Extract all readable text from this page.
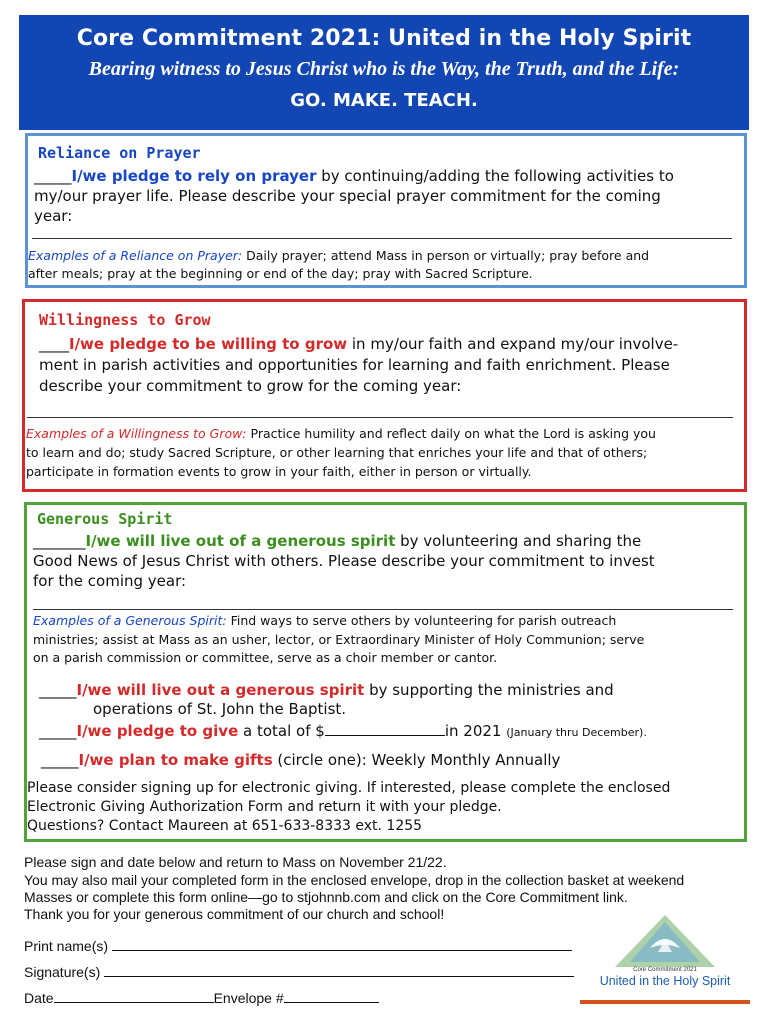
Core Commitment 2021: United in the Holy Spirit
Bearing witness to Jesus Christ who is the Way, the Truth, and the Life:
GO. MAKE. TEACH.
Reliance on Prayer
_____I/we pledge to rely on prayer by continuing/adding the following activities to
my/our prayer life. Please describe your special prayer commitment for the coming
year:
Examples of a Reliance on Prayer: Daily prayer; attend Mass in person or virtually; pray before and
after meals; pray at the beginning or end of the day; pray with Sacred Scripture.
Willingness to Grow
____I/we pledge to be willing to grow in my/our faith and expand my/our involve-
ment in parish activities and opportunities for learning and faith enrichment. Please
describe your commitment to grow for the coming year:
Examples of a Willingness to Grow: Practice humility and reflect daily on what the Lord is asking you
to learn and do; study Sacred Scripture, or other learning that enriches your life and that of others;
participate in formation events to grow in your faith, either in person or virtually.
Generous Spirit
_______I/we will live out of a generous spirit by volunteering and sharing the
Good News of Jesus Christ with others. Please describe your commitment to invest
for the coming year:
Examples of a Generous Spirit: Find ways to serve others by volunteering for parish outreach
ministries; assist at Mass as an usher, lector, or Extraordinary Minister of Holy Communion; serve
on a parish commission or committee, serve as a choir member or cantor.
_____I/we will live out a generous spirit by supporting the ministries and
operations of St. John the Baptist.
_____I/we pledge to give a total of $	in 2021 (January thru December).
_____I/we plan to make gifts (circle one): Weekly Monthly Annually
Please consider signing up for electronic giving. If interested, please complete the enclosed
Electronic Giving Authorization Form and return it with your pledge.
Questions? Contact Maureen at 651-633-8333 ext. 1255
Please sign and date below and return to Mass on November 21/22.
You may also mail your completed form in the enclosed envelope, drop in the collection basket at weekend
Masses or complete this form online—go to stjohnnb.com and click on the Core Commitment link.
Thank you for your generous commitment of our church and school!
Print name(s)
Signature(s)
Date	Envelope #
Core Commitment 2021
United in the Holy Spirit
